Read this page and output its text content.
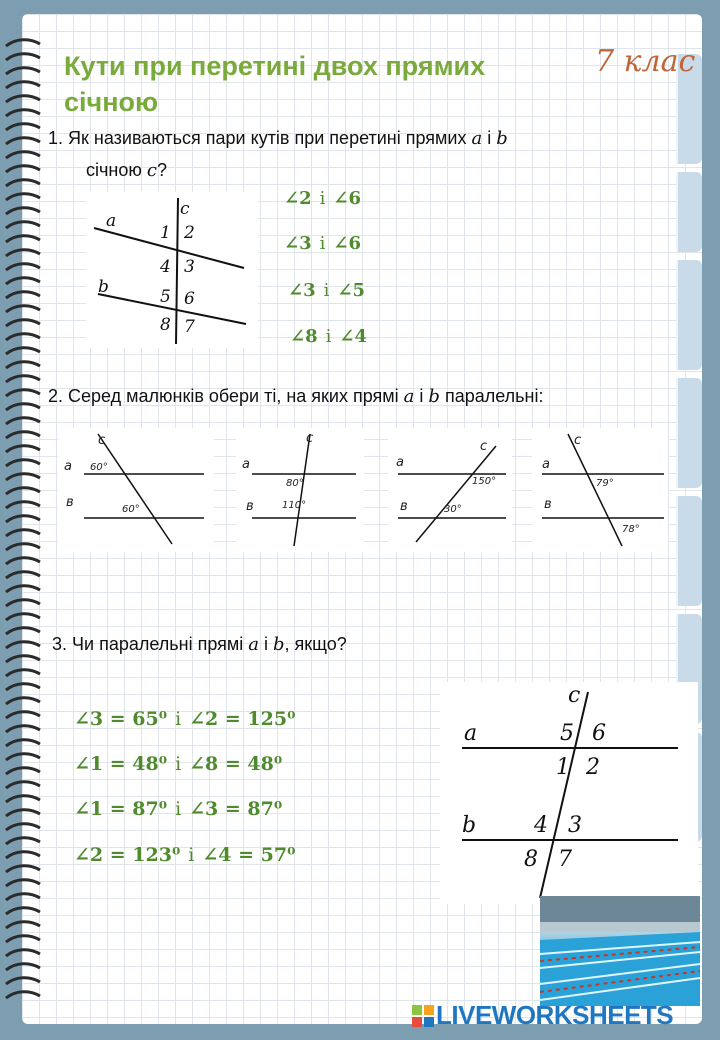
Кути при перетині двох прямих січною
7 клас
1. Як називаються пари кутів при перетині прямих a і b
січною c?
a
b
c
1 2
4 3
5 6
8 7
∠2 і ∠6
∠3 і ∠6
∠3 і ∠5
∠8 і ∠4
2. Серед малюнків обери ті, на яких прямі a і b паралельні:
a
в
c
60°
60°
a
в
c
80°
110°
a
в
c
150°
30°
a
в
c
79°
78°
3. Чи паралельні прямі a і b, якщо?
∠3 = 65⁰ і ∠2 = 125⁰
∠1 = 48⁰ і ∠8 = 48⁰
∠1 = 87⁰ і ∠3 = 87⁰
∠2 = 123⁰ і ∠4 = 57⁰
c
a	5 6
1 2
b	4 3
8 7
LIVEWORKSHEETS
